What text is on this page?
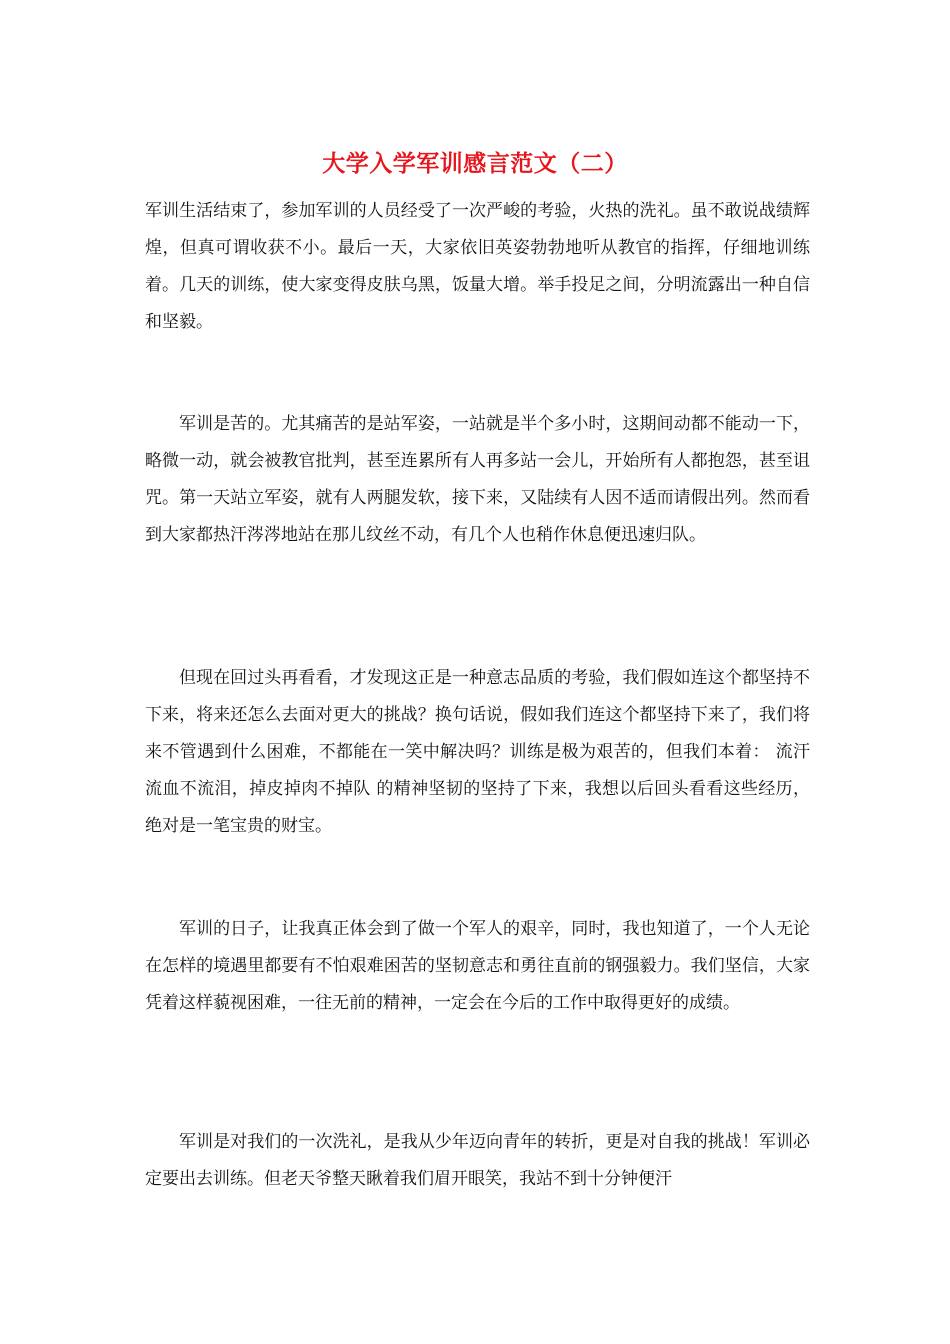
大学入学军训感言范文（二）

军训生活结束了，参加军训的人员经受了一次严峻的考验，火热的洗礼。虽不敢说战绩辉煌，但真可谓收获不小。最后一天，大家依旧英姿勃勃地听从教官的指挥，仔细地训练着。几天的训练，使大家变得皮肤乌黑，饭量大增。举手投足之间，分明流露出一种自信和坚毅。

军训是苦的。尤其痛苦的是站军姿，一站就是半个多小时，这期间动都不能动一下，略微一动，就会被教官批判，甚至连累所有人再多站一会儿，开始所有人都抱怨，甚至诅咒。第一天站立军姿，就有人两腿发软，接下来，又陆续有人因不适而请假出列。然而看到大家都热汗涔涔地站在那儿纹丝不动，有几个人也稍作休息便迅速归队。

但现在回过头再看看，才发现这正是一种意志品质的考验，我们假如连这个都坚持不下来，将来还怎么去面对更大的挑战？换句话说，假如我们连这个都坚持下来了，我们将来不管遇到什么困难，不都能在一笑中解决吗？训练是极为艰苦的，但我们本着： 流汗流血不流泪，掉皮掉肉不掉队 的精神坚韧的坚持了下来，我想以后回头看看这些经历，绝对是一笔宝贵的财宝。

军训的日子，让我真正体会到了做一个军人的艰辛，同时，我也知道了，一个人无论在怎样的境遇里都要有不怕艰难困苦的坚韧意志和勇往直前的钢强毅力。我们坚信，大家凭着这样藐视困难，一往无前的精神，一定会在今后的工作中取得更好的成绩。

军训是对我们的一次洗礼，是我从少年迈向青年的转折，更是对自我的挑战！军训必定要出去训练。但老天爷整天瞅着我们眉开眼笑，我站不到十分钟便汗
